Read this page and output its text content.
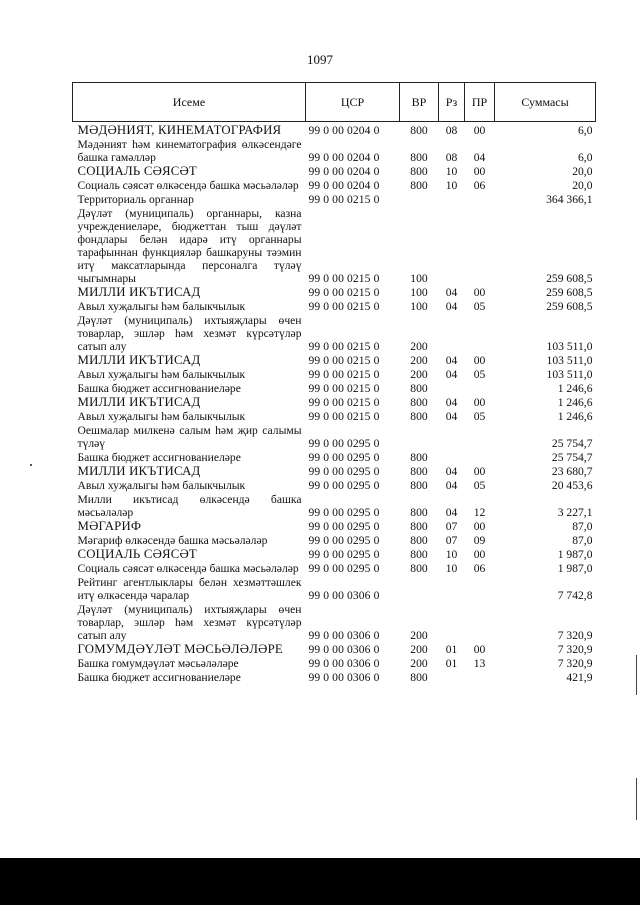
1097
Исеме	ЦСР	ВР	Рз	ПР	Суммасы
МӘДӘНИЯТ, КИНЕМАТОГРАФИЯ	99 0 00 0204 0	800	08	00	6,0
Мәдәният һәм кинематография өлкәсендәге башка гамәлләр	99 0 00 0204 0	800	08	04	6,0
СОЦИАЛЬ СӘЯСӘТ	99 0 00 0204 0	800	10	00	20,0
Социаль сәясәт өлкәсендә башка мәсьәләләр	99 0 00 0204 0	800	10	06	20,0
Территориаль органнар	99 0 00 0215 0				364 366,1
Дәүләт (муниципаль) органнары, казна учреждениеләре, бюджеттан тыш дәүләт фондлары белән идарә итү органнары тарафыннан функцияләр башкаруны тәэмин итү максатларында персоналга түләү чыгымнары	99 0 00 0215 0	100			259 608,5
МИЛЛИ ИКЪТИСАД	99 0 00 0215 0	100	04	00	259 608,5
Авыл хуҗалыгы һәм балыкчылык	99 0 00 0215 0	100	04	05	259 608,5
Дәүләт (муниципаль) ихтыяҗлары өчен товарлар, эшләр һәм хезмәт күрсәтүләр сатып алу	99 0 00 0215 0	200			103 511,0
МИЛЛИ ИКЪТИСАД	99 0 00 0215 0	200	04	00	103 511,0
Авыл хуҗалыгы һәм балыкчылык	99 0 00 0215 0	200	04	05	103 511,0
Башка бюджет ассигнованиеләре	99 0 00 0215 0	800			1 246,6
МИЛЛИ ИКЪТИСАД	99 0 00 0215 0	800	04	00	1 246,6
Авыл хуҗалыгы һәм балыкчылык	99 0 00 0215 0	800	04	05	1 246,6
Оешмалар милкенә салым һәм җир салымы түләү	99 0 00 0295 0				25 754,7
Башка бюджет ассигнованиеләре	99 0 00 0295 0	800			25 754,7
МИЛЛИ ИКЪТИСАД	99 0 00 0295 0	800	04	00	23 680,7
Авыл хуҗалыгы һәм балыкчылык	99 0 00 0295 0	800	04	05	20 453,6
Милли икътисад өлкәсендә башка мәсьәләләр	99 0 00 0295 0	800	04	12	3 227,1
МӘГАРИФ	99 0 00 0295 0	800	07	00	87,0
Мәгариф өлкәсендә башка мәсьәләләр	99 0 00 0295 0	800	07	09	87,0
СОЦИАЛЬ СӘЯСӘТ	99 0 00 0295 0	800	10	00	1 987,0
Социаль сәясәт өлкәсендә башка мәсьәләләр	99 0 00 0295 0	800	10	06	1 987,0
Рейтинг агентлыклары белән хезмәттәшлек итү өлкәсендә чаралар	99 0 00 0306 0				7 742,8
Дәүләт (муниципаль) ихтыяҗлары өчен товарлар, эшләр һәм хезмәт күрсәтүләр сатып алу	99 0 00 0306 0	200			7 320,9
ГОМУМДӘҮЛӘТ МӘСЬӘЛӘЛӘРЕ	99 0 00 0306 0	200	01	00	7 320,9
Башка гомумдәүләт мәсьәләләре	99 0 00 0306 0	200	01	13	7 320,9
Башка бюджет ассигнованиеләре	99 0 00 0306 0	800			421,9
